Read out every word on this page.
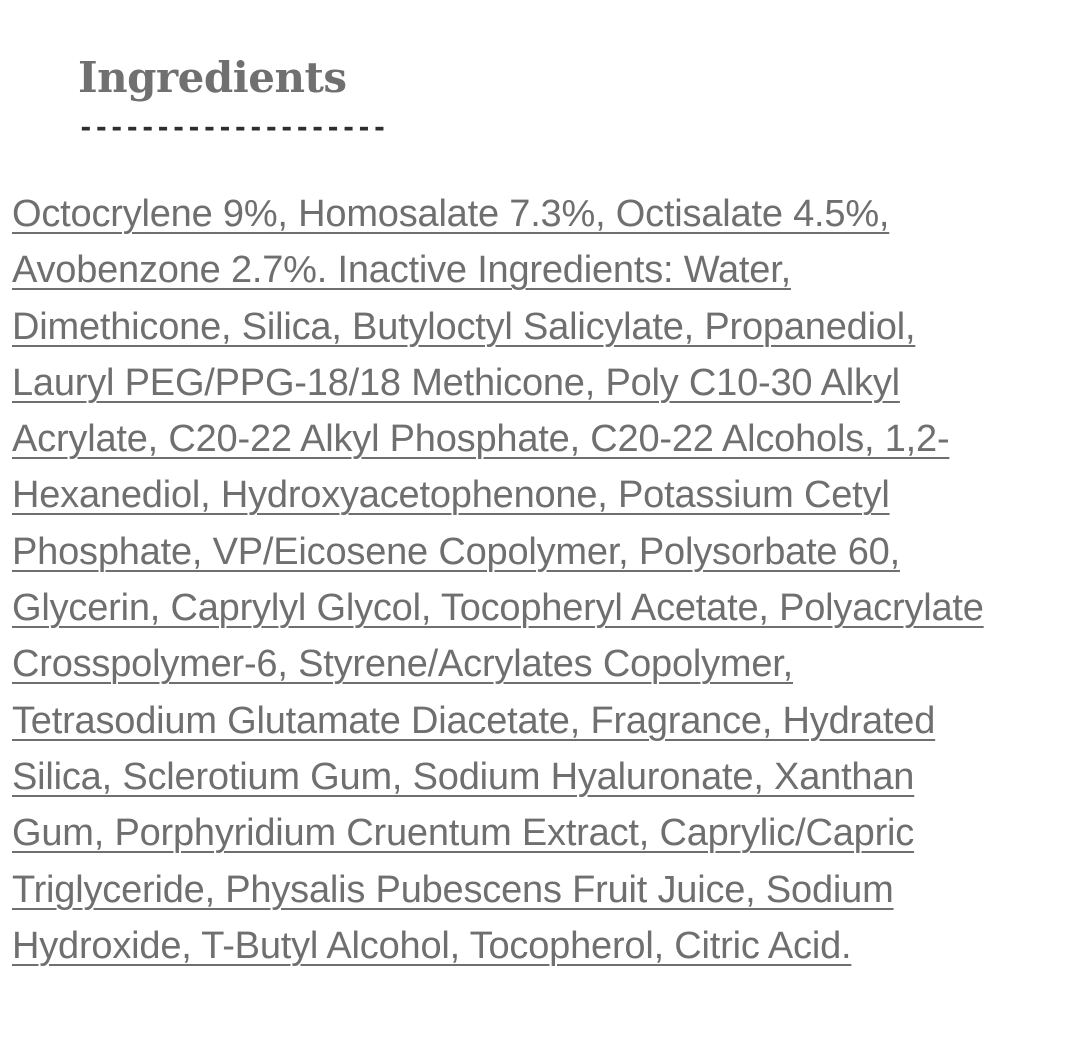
Ingredients
--------------------
Octocrylene 9%, Homosalate 7.3%, Octisalate 4.5%,
Avobenzone 2.7%. Inactive Ingredients: Water,
Dimethicone, Silica, Butyloctyl Salicylate, Propanediol,
Lauryl PEG/PPG-18/18 Methicone, Poly C10-30 Alkyl
Acrylate, C20-22 Alkyl Phosphate, C20-22 Alcohols, 1,2-
Hexanediol, Hydroxyacetophenone, Potassium Cetyl
Phosphate, VP/Eicosene Copolymer, Polysorbate 60,
Glycerin, Caprylyl Glycol, Tocopheryl Acetate, Polyacrylate
Crosspolymer-6, Styrene/Acrylates Copolymer,
Tetrasodium Glutamate Diacetate, Fragrance, Hydrated
Silica, Sclerotium Gum, Sodium Hyaluronate, Xanthan
Gum, Porphyridium Cruentum Extract, Caprylic/Capric
Triglyceride, Physalis Pubescens Fruit Juice, Sodium
Hydroxide, T-Butyl Alcohol, Tocopherol, Citric Acid.
